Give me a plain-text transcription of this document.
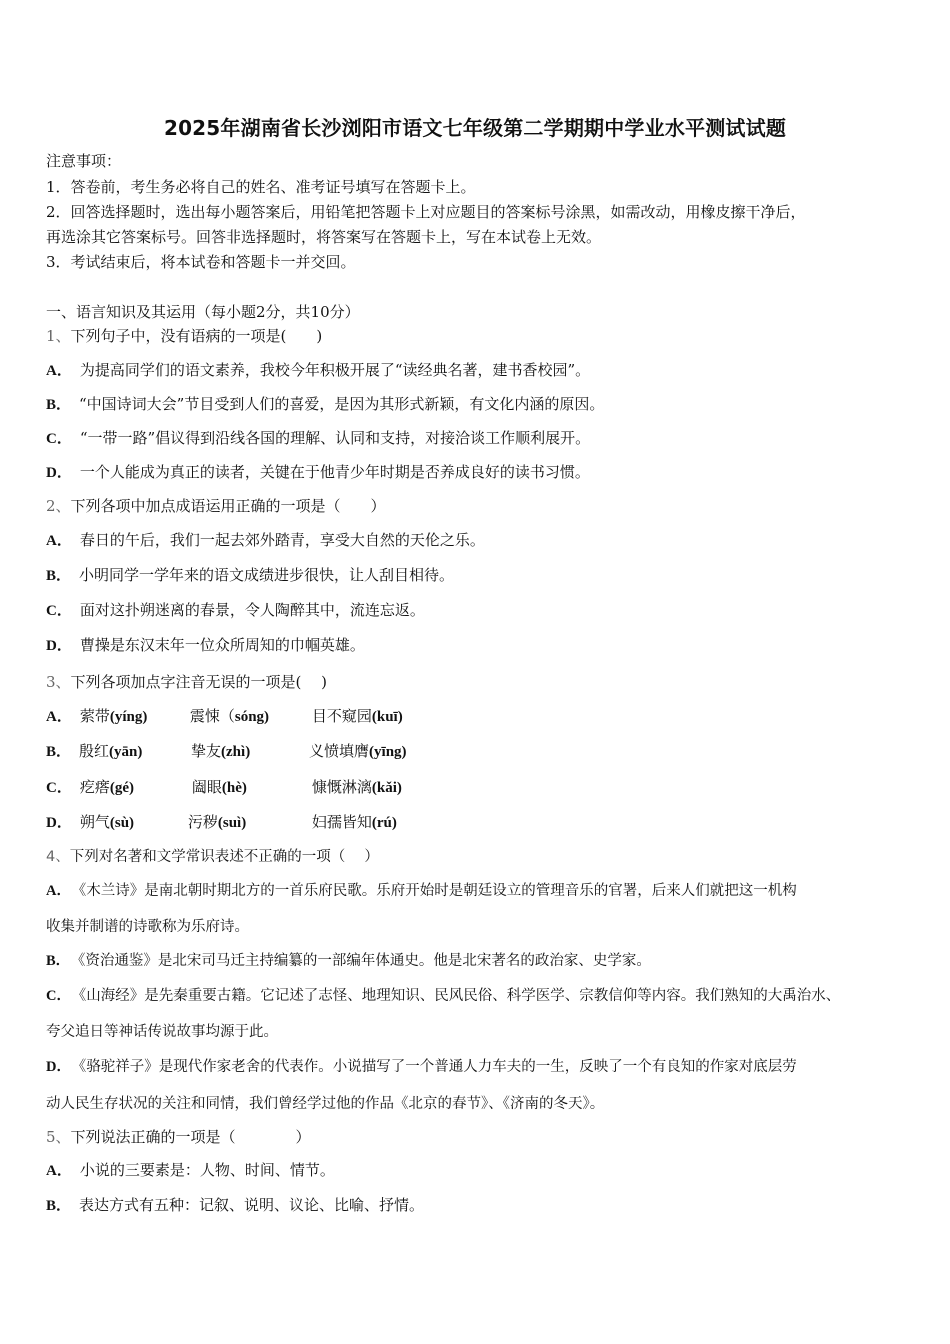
2025年湖南省长沙浏阳市语文七年级第二学期期中学业水平测试试题
注意事项：
1．答卷前，考生务必将自己的姓名、准考证号填写在答题卡上。
2．回答选择题时，选出每小题答案后，用铅笔把答题卡上对应题目的答案标号涂黑，如需改动，用橡皮擦干净后，
再选涂其它答案标号。回答非选择题时，将答案写在答题卡上，写在本试卷上无效。
3．考试结束后，将本试卷和答题卡一并交回。
一、语言知识及其运用（每小题2分，共10分）
1、下列句子中，没有语病的一项是(　　)
A． 为提高同学们的语文素养，我校今年积极开展了“读经典名著，建书香校园”。
B． “中国诗词大会”节目受到人们的喜爱，是因为其形式新颖，有文化内涵的原因。
C． “一带一路”倡议得到沿线各国的理解、认同和支持，对接洽谈工作顺利展开。
D． 一个人能成为真正的读者，关键在于他青少年时期是否养成良好的读书习惯。
2、下列各项中加点成语运用正确的一项是（　　）
A． 春日的午后，我们一起去郊外踏青，享受大自然的天伦之乐。
B． 小明同学一学年来的语文成绩进步很快，让人刮目相待。
C． 面对这扑朔迷离的春景，令人陶醉其中，流连忘返。
D． 曹操是东汉末年一位众所周知的巾帼英雄。
3、下列各项加点字注音无误的一项是(　 )
A． 萦带(yíng)	震悚（sóng)	目不窥园(kuī)
B． 殷红(yān)	挚友(zhì)	义愤填膺(yīng)
C． 疙瘩(gé)	阖眼(hè)	慷慨淋漓(kǎi)
D． 朔气(sù)	污秽(suì)	妇孺皆知(rú)
4、下列对名著和文学常识表述不正确的一项（　 ）
A． 《木兰诗》是南北朝时期北方的一首乐府民歌。乐府开始时是朝廷设立的管理音乐的官署，后来人们就把这一机构
收集并制谱的诗歌称为乐府诗。
B． 《资治通鉴》是北宋司马迁主持编纂的一部编年体通史。他是北宋著名的政治家、史学家。
C． 《山海经》是先秦重要古籍。它记述了志怪、地理知识、民风民俗、科学医学、宗教信仰等内容。我们熟知的大禹治水、
夸父追日等神话传说故事均源于此。
D． 《骆驼祥子》是现代作家老舍的代表作。小说描写了一个普通人力车夫的一生，反映了一个有良知的作家对底层劳
动人民生存状况的关注和同情，我们曾经学过他的作品《北京的春节》、《济南的冬天》。
5、下列说法正确的一项是（　　　　）
A． 小说的三要素是：人物、时间、情节。
B． 表达方式有五种：记叙、说明、议论、比喻、抒情。
